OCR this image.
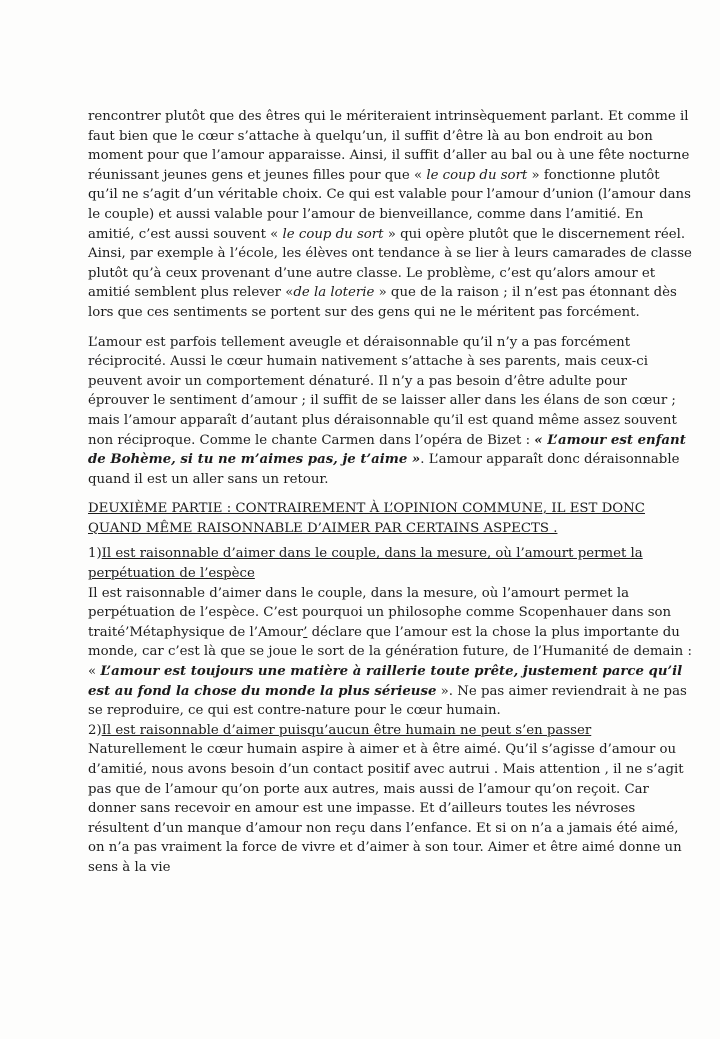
rencontrer plutôt que des êtres qui le mériteraient intrinsèquement parlant. Et comme il faut bien que le cœur s’attache à quelqu’un, il suffit d’être là au bon endroit au bon moment pour que l’amour apparaisse. Ainsi, il suffit d’aller au bal ou à une fête nocturne réunissant jeunes gens et jeunes filles pour que « le coup du sort » fonctionne plutôt qu’il ne s’agit d’un véritable choix. Ce qui est valable pour l’amour d’union (l’amour dans le couple) et aussi valable pour l’amour de bienveillance, comme dans l’amitié. En amitié, c’est aussi souvent « le coup du sort » qui opère plutôt que le discernement réel. Ainsi, par exemple à l’école, les élèves ont tendance à se lier à leurs camarades de classe plutôt qu’à ceux provenant d’une autre classe. Le problème, c’est qu’alors amour et amitié semblent plus relever «de la loterie » que de la raison ; il n’est pas étonnant dès lors que ces sentiments se portent sur des gens qui ne le méritent pas forcément.

L’amour est parfois tellement aveugle et déraisonnable qu’il n’y a pas forcément réciprocité. Aussi le cœur humain nativement s’attache à ses parents, mais ceux-ci peuvent avoir un comportement dénaturé. Il n’y a pas besoin d’être adulte pour éprouver le sentiment d’amour ; il suffit de se laisser aller dans les élans de son cœur ; mais l’amour apparaît d’autant plus déraisonnable qu’il est quand même assez souvent non réciproque. Comme le chante Carmen dans l’opéra de Bizet : « L’amour est enfant de Bohème, si tu ne m’aimes pas, je t’aime ». L’amour apparaît donc déraisonnable quand il est un aller sans un retour.

DEUXIÈME PARTIE : CONTRAIREMENT À L’OPINION COMMUNE, IL EST DONC QUAND MÊME RAISONNABLE D’AIMER PAR CERTAINS ASPECTS .

1)Il est raisonnable d’aimer dans le couple, dans la mesure, où l’amourt permet la perpétuation de l’espèce

Il est raisonnable d’aimer dans le couple, dans la mesure, où l’amourt permet la perpétuation de l’espèce. C’est pourquoi un philosophe comme Scopenhauer dans son traité’Métaphysique de l’Amour’ déclare que l’amour est la chose la plus importante du monde, car c’est là que se joue le sort de la génération future, de l’Humanité de demain : « L’amour est toujours une matière à raillerie toute prête, justement parce qu’il est au fond la chose du monde la plus sérieuse ». Ne pas aimer reviendrait à ne pas se reproduire, ce qui est contre-nature pour le cœur humain.

2)Il est raisonnable d’aimer puisqu’aucun être humain ne peut s’en passer

Naturellement le cœur humain aspire à aimer et à être aimé. Qu’il s’agisse d’amour ou d’amitié, nous avons besoin d’un contact positif avec autrui . Mais attention , il ne s’agit pas que de l’amour qu’on porte aux autres, mais aussi de l’amour qu’on reçoit. Car donner sans recevoir en amour est une impasse. Et d’ailleurs toutes les névroses résultent d’un manque d’amour non reçu dans l’enfance. Et si on n’a a jamais été aimé, on n’a pas vraiment la force de vivre et d’aimer à son tour. Aimer et être aimé donne un sens à la vie
